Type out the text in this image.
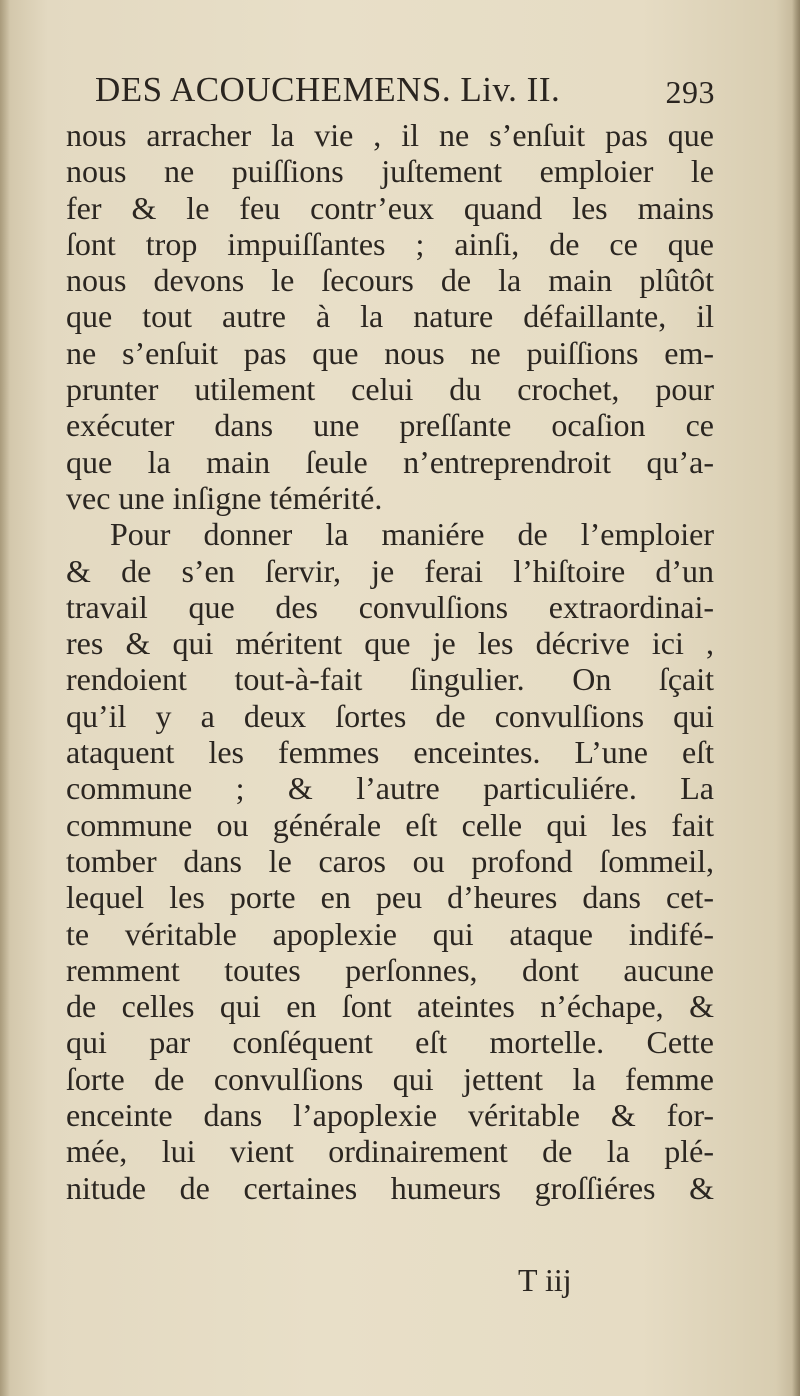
DES ACOUCHEMENS. Liv. II.	293
nous arracher la vie , il ne s’enſuit pas que
nous ne puiſſions juſtement emploier le
fer & le feu contr’eux quand les mains
ſont trop impuiſſantes ; ainſi, de ce que
nous devons le ſecours de la main plûtôt
que tout autre à la nature défaillante, il
ne s’enſuit pas que nous ne puiſſions em-
prunter utilement celui du crochet, pour
exécuter dans une preſſante ocaſion ce
que la main ſeule n’entreprendroit qu’a-
vec une inſigne témérité.
Pour donner la maniére de l’emploier
& de s’en ſervir, je ferai l’hiſtoire d’un
travail que des convulſions extraordinai-
res & qui méritent que je les décrive ici ,
rendoient tout-à-fait ſingulier. On ſçait
qu’il y a deux ſortes de convulſions qui
ataquent les femmes enceintes. L’une eſt
commune ; & l’autre particuliére. La
commune ou générale eſt celle qui les fait
tomber dans le caros ou profond ſommeil,
lequel les porte en peu d’heures dans cet-
te véritable apoplexie qui ataque indifé-
remment toutes perſonnes, dont aucune
de celles qui en ſont ateintes n’échape, &
qui par conſéquent eſt mortelle. Cette
ſorte de convulſions qui jettent la femme
enceinte dans l’apoplexie véritable & for-
mée, lui vient ordinairement de la plé-
nitude de certaines humeurs groſſiéres &
T iij
